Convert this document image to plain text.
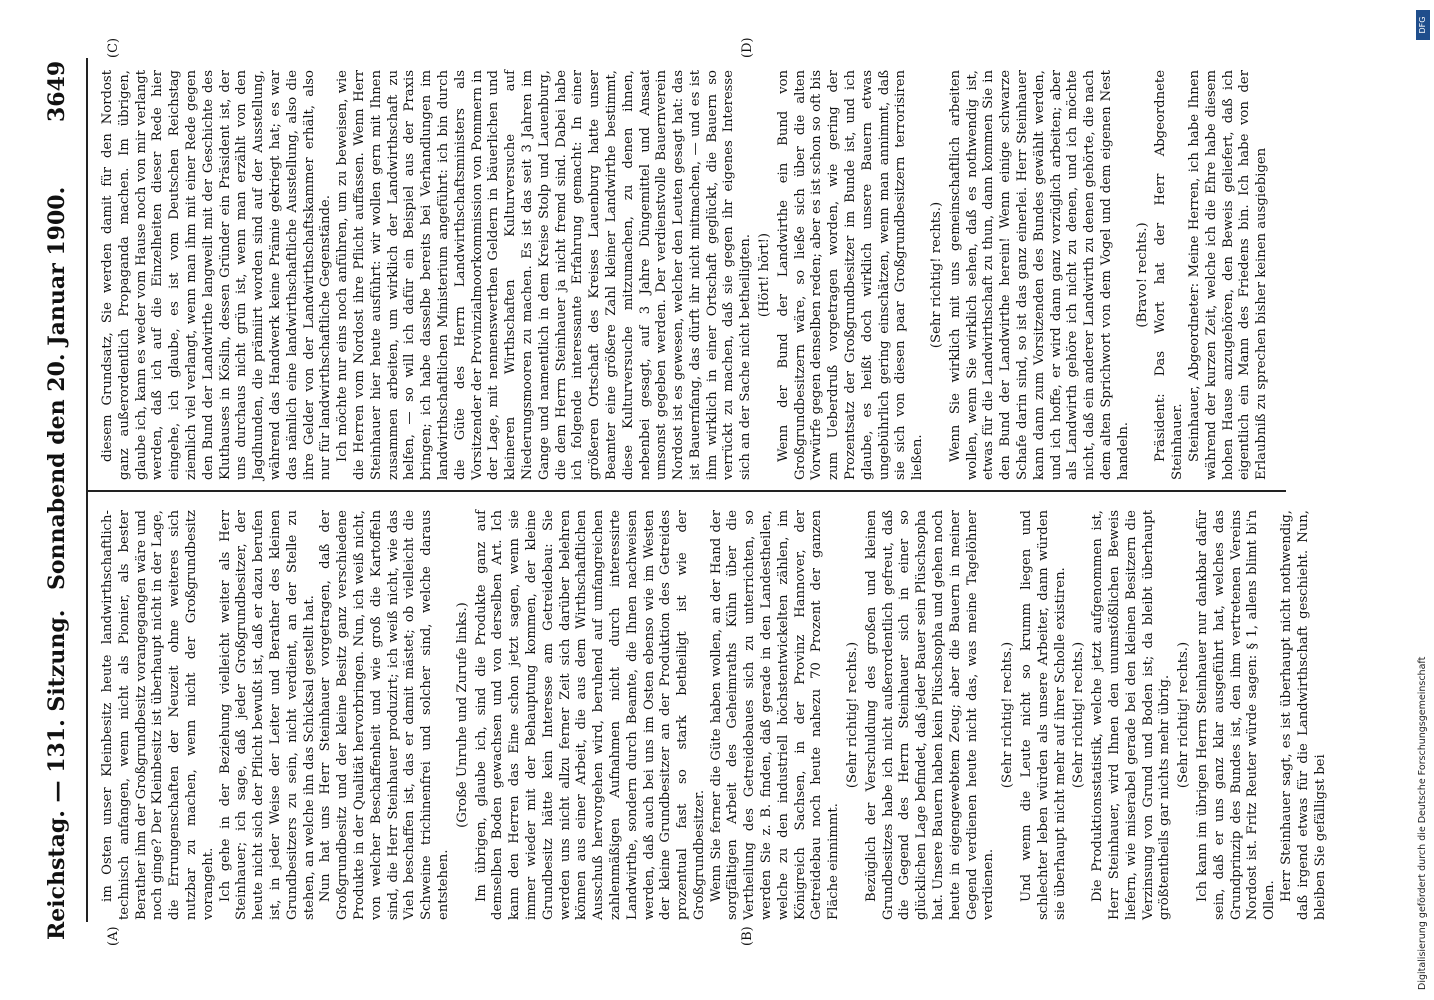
Reichstag. — 131. Sitzung.
Sonnabend den 20. Januar 1900.
3649
(A)	(B)
(C)	(D)

im Osten unser Kleinbesitz heute landwirthschaftlich-technisch anfangen, wenn nicht als Pionier, als bester Berather ihm der Großgrundbesitz vorangegangen wäre und noch ginge? Der Kleinbesitz ist überhaupt nicht in der Lage, die Errungenschaften der Neuzeit ohne weiteres sich nutzbar zu machen, wenn nicht der Großgrundbesitz vorangeht. Ich gehe in der Beziehung vielleicht weiter als Herr Steinhauer; ich sage, daß jeder Großgrundbesitzer, der heute nicht sich der Pflicht bewußt ist, daß er dazu berufen ist, in jeder Weise der Leiter und Berather des kleinen Grundbesitzers zu sein, nicht verdient, an der Stelle zu stehen, an welche ihn das Schicksal gestellt hat. Nun hat uns Herr Steinhauer vorgetragen, daß der Großgrundbesitz und der kleine Besitz ganz verschiedene Produkte in der Qualität hervorbringen. Nun, ich weiß nicht, von welcher Beschaffenheit und wie groß die Kartoffeln sind, die Herr Steinhauer produzirt; ich weiß nicht, wie das Vieh beschaffen ist, das er damit mästet; ob vielleicht die Schweine trichinenfrei und solcher sind, welche daraus entstehen.

(Große Unruhe und Zurufe links.) Im übrigen, glaube ich, sind die Produkte ganz auf demselben Boden gewachsen und von derselben Art. Ich kann den Herren das Eine schon jetzt sagen, wenn sie immer wieder mit der Behauptung kommen, der kleine Grundbesitz hätte kein Interesse am Getreidebau: Sie werden uns nicht allzu ferner Zeit sich darüber belehren können aus einer Arbeit, die aus dem Wirthschaftlichen Ausschuß hervorgehen wird, beruhend auf umfangreichen zahlenmäßigen Aufnahmen nicht durch interessirte Landwirthe, sondern durch Beamte, die Ihnen nachweisen werden, daß auch bei uns im Osten ebenso wie im Westen der kleine Grundbesitzer an der Produktion des Getreides prozentual fast so stark betheiligt ist wie der Großgrundbesitzer. Wenn Sie ferner die Güte haben wollen, an der Hand der sorgfältigen Arbeit des Geheimraths Kühn über die Vertheilung des Getreidebaues sich zu unterrichten, so werden Sie z. B. finden, daß gerade in den Landestheilen, welche zu den industriell höchstentwickelten zählen, im Königreich Sachsen, in der Provinz Hannover, der Getreidebau noch heute nahezu 70 Prozent der ganzen Fläche einnimmt.

(Sehr richtig! rechts.) Bezüglich der Verschuldung des großen und kleinen Grundbesitzes habe ich nicht außerordentlich gefreut, daß die Gegend des Herrn Steinhauer sich in einer so glücklichen Lage befindet, daß jeder Bauer sein Plüschsopha hat. Unsere Bauern haben kein Plüschsopha und gehen noch heute in eigengewebtem Zeug; aber die Bauern in meiner Gegend verdienen heute nicht das, was meine Tagelöhner verdienen.

(Sehr richtig! rechts.) Und wenn die Leute nicht so krumm liegen und schlechter leben würden als unsere Arbeiter, dann würden sie überhaupt nicht mehr auf ihrer Scholle existiren. (Sehr richtig! rechts.) Die Produktionsstatistik, welche jetzt aufgenommen ist, Herr Steinhauer, wird Ihnen den unumstößlichen Beweis liefern, wie miserabel gerade bei den kleinen Besitzern die Verzinsung von Grund und Boden ist; da bleibt überhaupt größtentheils gar nichts mehr übrig. (Sehr richtig! rechts.) Ich kann im übrigen Herrn Steinhauer nur dankbar dafür sein, daß er uns ganz klar ausgeführt hat, welches das Grundprinzip des Bundes ist, den ihm vertretenen Vereins Nordost ist. Fritz Reuter würde sagen: § 1, allens blimt bi'n Ollen. Herr Steinhauer sagt, es ist überhaupt nicht nothwendig, daß irgend etwas für die Landwirthschaft geschieht. Nun, bleiben Sie gefälligst bei

diesem Grundsatz, Sie werden damit für den Nordost ganz außerordentlich Propaganda machen. Im übrigen, glaube ich, kann es weder vom Hause noch von mir verlangt werden, daß ich auf die Einzelheiten dieser Rede hier eingehe, ich glaube, es ist vom Deutschen Reichstag ziemlich viel verlangt, wenn man ihm mit einer Rede gegen den Bund der Landwirthe langweilt mit der Geschichte des Kluthauses in Köslin, dessen Gründer ein Präsident ist, der uns durchaus nicht grün ist, wenn man erzählt von den Jagdhunden, die prämiirt worden sind auf der Ausstellung, während das Handwerk keine Prämie gekriegt hat; es war das nämlich eine landwirthschaftliche Ausstellung, also die ihre Gelder von der Landwirthschaftskammer erhält, also nur für landwirthschaftliche Gegenstände. Ich möchte nur eins noch anführen, um zu beweisen, wie die Herren vom Nordost ihre Pflicht auffassen. Wenn Herr Steinhauer hier heute ausführt: wir wollen gern mit Ihnen zusammen arbeiten, um wirklich der Landwirthschaft zu helfen, — so will ich dafür ein Beispiel aus der Praxis bringen; ich habe dasselbe bereits bei Verhandlungen im landwirthschaftlichen Ministerium angeführt: ich bin durch die Güte des Herrn Landwirthschaftsministers als Vorsitzender der Provinzialmoorkommission von Pommern in der Lage, mit nennenswerthen Geldern in bäuerlichen und kleineren Wirthschaften Kulturversuche auf Niederungsmooren zu machen. Es ist das seit 3 Jahren im Gange und namentlich in dem Kreise Stolp und Lauenburg, die dem Herrn Steinhauer ja nicht fremd sind. Dabei habe ich folgende interessante Erfahrung gemacht: In einer größeren Ortschaft des Kreises Lauenburg hatte unser Beamter eine größere Zahl kleiner Landwirthe bestimmt, diese Kulturversuche mitzumachen, zu denen ihnen, nebenbei gesagt, auf 3 Jahre Düngemittel und Ansaat umsonst gegeben werden. Der verdienstvolle Bauernverein Nordost ist es gewesen, welcher den Leuten gesagt hat: das ist Bauernfang, das dürft ihr nicht mitmachen, — und es ist ihm wirklich in einer Ortschaft geglückt, die Bauern so verrückt zu machen, daß sie gegen ihr eigenes Interesse sich an der Sache nicht betheiligten. (Hört! hört!) Wenn der Bund der Landwirthe ein Bund von Großgrundbesitzern wäre, so ließe sich über die alten Vorwürfe gegen denselben reden; aber es ist schon so oft bis zum Ueberdruß vorgetragen worden, wie gering der Prozentsatz der Großgrundbesitzer im Bunde ist, und ich glaube, es heißt doch wirklich unsere Bauern etwas ungebührlich gering einschätzen, wenn man annimmt, daß sie sich von diesen paar Großgrundbesitzern terrorisiren ließen.

(Sehr richtig! rechts.) Wenn Sie wirklich mit uns gemeinschaftlich arbeiten wollen, wenn Sie wirklich sehen, daß es nothwendig ist, etwas für die Landwirthschaft zu thun, dann kommen Sie in den Bund der Landwirthe herein! Wenn einige schwarze Schafe darin sind, so ist das ganz einerlei. Herr Steinhauer kann dann zum Vorsitzenden des Bundes gewählt werden, und ich hoffe, er wird dann ganz vorzüglich arbeiten; aber als Landwirth gehöre ich nicht zu denen, und ich möchte nicht, daß ein anderer Landwirth zu denen gehörte, die nach dem alten Sprichwort von dem Vogel und dem eigenen Nest handeln.

(Bravo! rechts.) Präsident: Das Wort hat der Herr Abgeordnete Steinhauer. Steinhauer, Abgeordneter: Meine Herren, ich habe Ihnen während der kurzen Zeit, welche ich die Ehre habe diesem hohen Hause anzugehören, den Beweis geliefert, daß ich eigentlich ein Mann des Friedens bin. Ich habe von der Erlaubniß zu sprechen bisher keinen ausgiebigen

Digitalisierung gefördert durch die Deutsche Forschungsgemeinschaft
DFG
